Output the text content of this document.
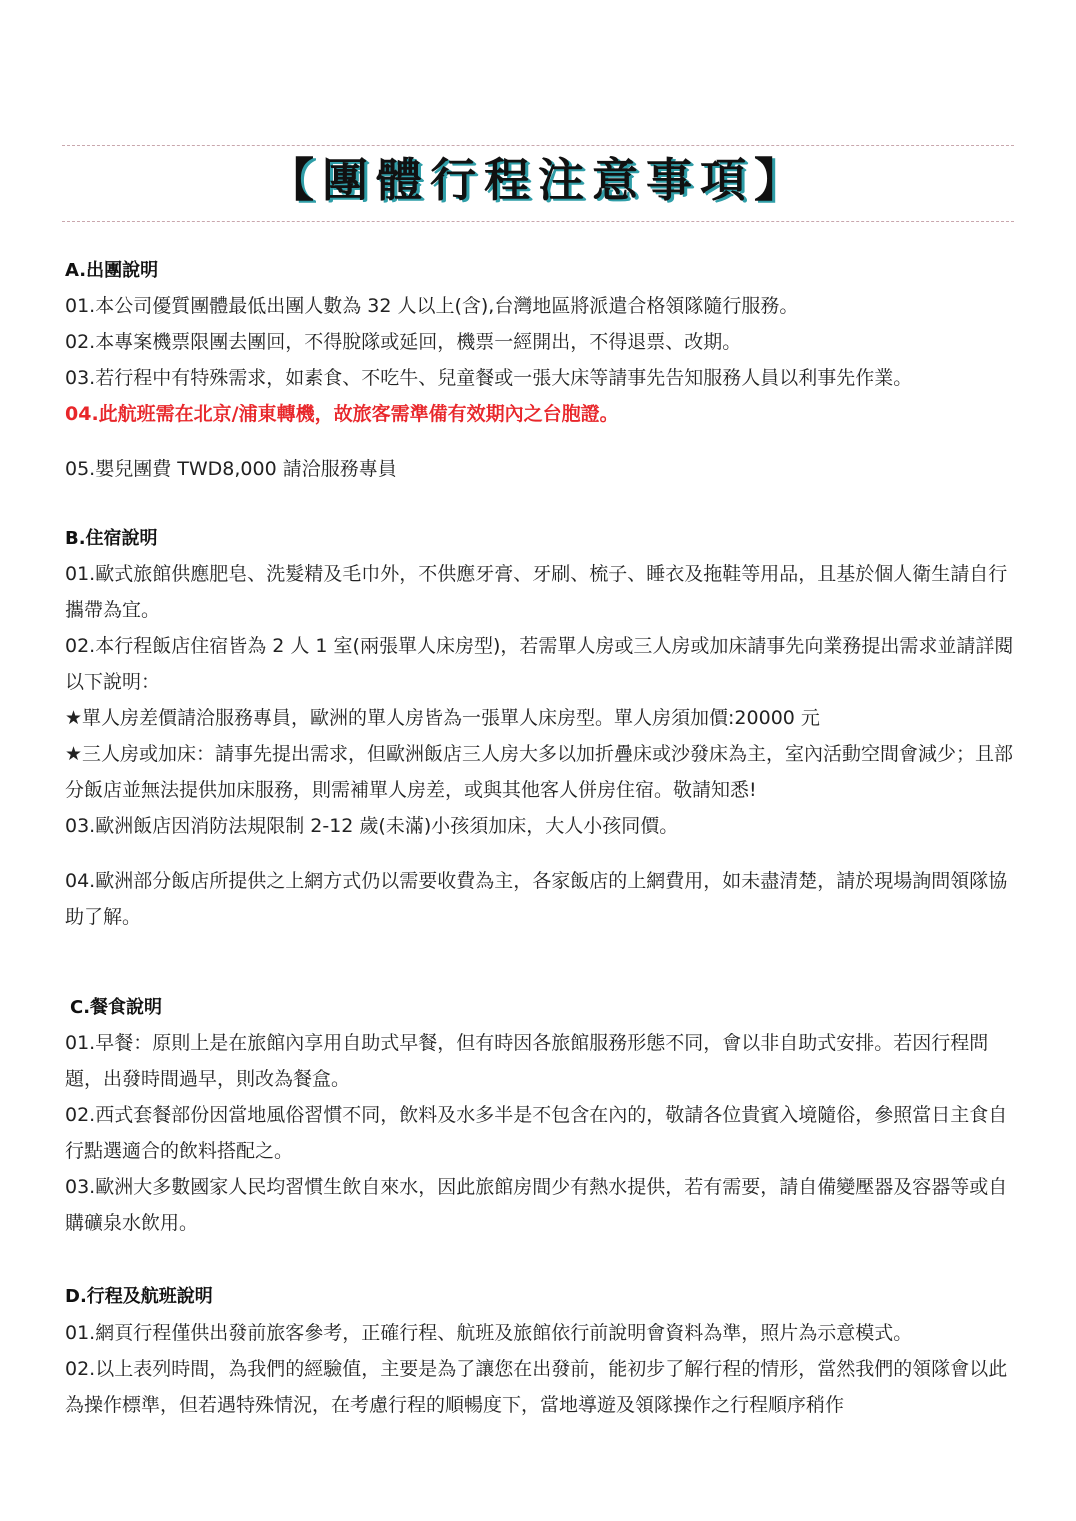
【團體行程注意事項】
A.出團說明

01.本公司優質團體最低出團人數為 32 人以上(含),台灣地區將派遣合格領隊隨行服務。

02.本專案機票限團去團回，不得脫隊或延回，機票一經開出，不得退票、改期。

03.若行程中有特殊需求，如素食、不吃牛、兒童餐或一張大床等請事先告知服務人員以利事先作業。

04.此航班需在北京/浦東轉機，故旅客需準備有效期內之台胞證。

05.嬰兒團費 TWD8,000 請洽服務專員

B.住宿說明

01.歐式旅館供應肥皂、洗髮精及毛巾外，不供應牙膏、牙刷、梳子、睡衣及拖鞋等用品，且基於個人衛生請自行攜帶為宜。

02.本行程飯店住宿皆為 2 人 1 室(兩張單人床房型)，若需單人房或三人房或加床請事先向業務提出需求並請詳閱以下說明：

★單人房差價請洽服務專員，歐洲的單人房皆為一張單人床房型。單人房須加價:20000 元

★三人房或加床：請事先提出需求，但歐洲飯店三人房大多以加折疊床或沙發床為主，室內活動空間會減少；且部分飯店並無法提供加床服務，則需補單人房差，或與其他客人併房住宿。敬請知悉!

03.歐洲飯店因消防法規限制 2-12 歲(未滿)小孩須加床，大人小孩同價。

04.歐洲部分飯店所提供之上網方式仍以需要收費為主，各家飯店的上網費用，如未盡清楚，請於現場詢問領隊協助了解。

C.餐食說明

01.早餐：原則上是在旅館內享用自助式早餐，但有時因各旅館服務形態不同，會以非自助式安排。若因行程問題，出發時間過早，則改為餐盒。

02.西式套餐部份因當地風俗習慣不同，飲料及水多半是不包含在內的，敬請各位貴賓入境隨俗，參照當日主食自行點選適合的飲料搭配之。

03.歐洲大多數國家人民均習慣生飲自來水，因此旅館房間少有熱水提供，若有需要，請自備變壓器及容器等或自購礦泉水飲用。

D.行程及航班說明

01.網頁行程僅供出發前旅客參考，正確行程、航班及旅館依行前說明會資料為準，照片為示意模式。

02.以上表列時間，為我們的經驗值，主要是為了讓您在出發前，能初步了解行程的情形，當然我們的領隊會以此為操作標準，但若遇特殊情況，在考慮行程的順暢度下，當地導遊及領隊操作之行程順序稍作
